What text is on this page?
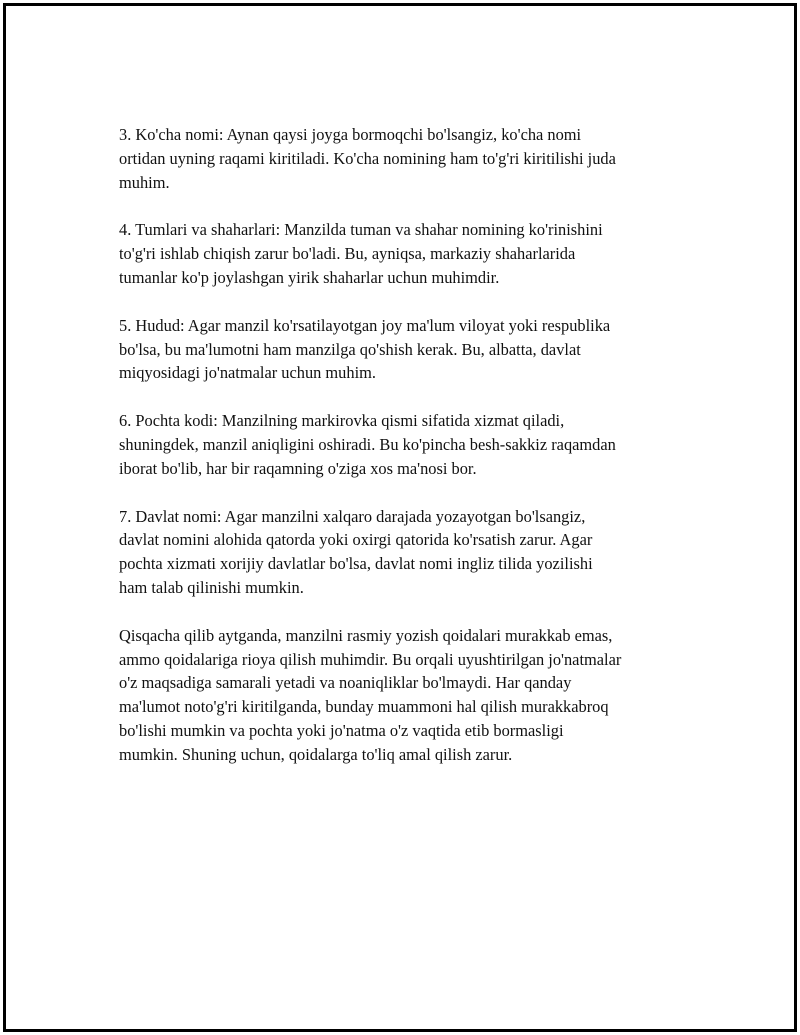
3. Ko'cha nomi: Aynan qaysi joyga bormoqchi bo'lsangiz, ko'cha nomi
ortidan uyning raqami kiritiladi. Ko'cha nomining ham to'g'ri kiritilishi juda
muhim.

4. Tumlari va shaharlari: Manzilda tuman va shahar nomining ko'rinishini
to'g'ri ishlab chiqish zarur bo'ladi. Bu, ayniqsa, markaziy shaharlarida
tumanlar ko'p joylashgan yirik shaharlar uchun muhimdir.

5. Hudud: Agar manzil ko'rsatilayotgan joy ma'lum viloyat yoki respublika
bo'lsa, bu ma'lumotni ham manzilga qo'shish kerak. Bu, albatta, davlat
miqyosidagi jo'natmalar uchun muhim.

6. Pochta kodi: Manzilning markirovka qismi sifatida xizmat qiladi,
shuningdek, manzil aniqligini oshiradi. Bu ko'pincha besh-sakkiz raqamdan
iborat bo'lib, har bir raqamning o'ziga xos ma'nosi bor.

7. Davlat nomi: Agar manzilni xalqaro darajada yozayotgan bo'lsangiz,
davlat nomini alohida qatorda yoki oxirgi qatorida ko'rsatish zarur. Agar
pochta xizmati xorijiy davlatlar bo'lsa, davlat nomi ingliz tilida yozilishi
ham talab qilinishi mumkin.

Qisqacha qilib aytganda, manzilni rasmiy yozish qoidalari murakkab emas,
ammo qoidalariga rioya qilish muhimdir. Bu orqali uyushtirilgan jo'natmalar
o'z maqsadiga samarali yetadi va noaniqliklar bo'lmaydi. Har qanday
ma'lumot noto'g'ri kiritilganda, bunday muammoni hal qilish murakkabroq
bo'lishi mumkin va pochta yoki jo'natma o'z vaqtida etib bormasligi
mumkin. Shuning uchun, qoidalarga to'liq amal qilish zarur.
